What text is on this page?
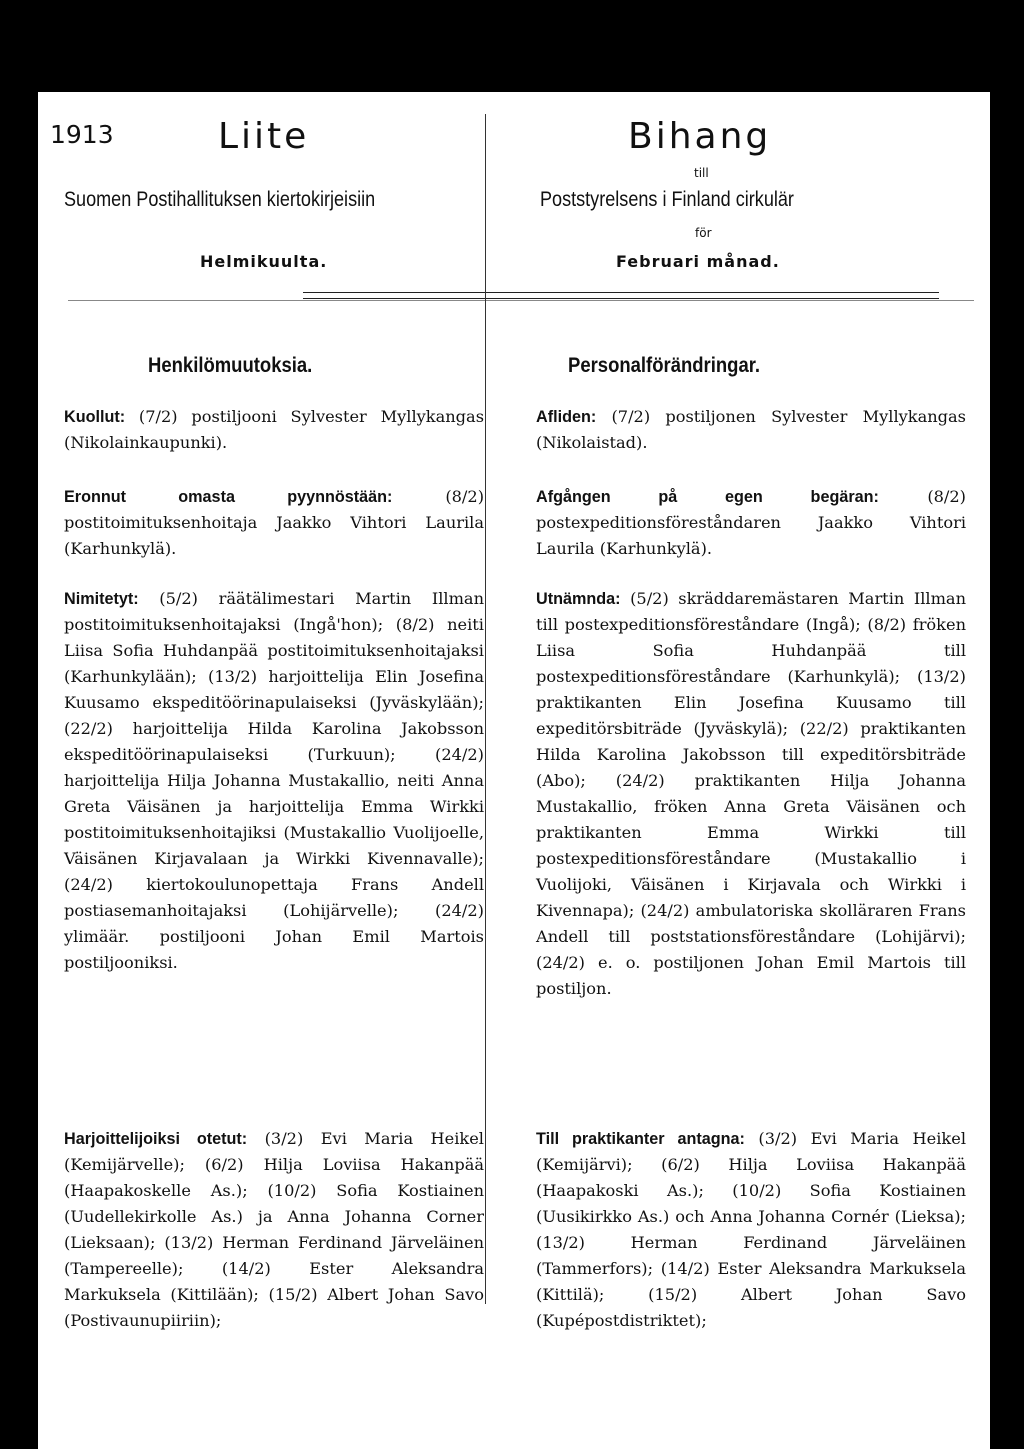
1913	Liite
Suomen Postihallituksen kiertokirjeisiin
Helmikuulta.
Bihang
till
Poststyrelsens i Finland cirkulär
för
Februari månad.
Henkilömuutoksia.
Kuollut: (7/2) postiljooni Sylvester Myllykangas (Nikolainkaupunki).
Eronnut omasta pyynnöstään: (8/2) postitoimituksenhoitaja Jaakko Vihtori Laurila (Karhunkylä).
Nimitetyt: (5/2) räätälimestari Martin Illman postitoimituksenhoitajaksi (Ingå'hon); (8/2) neiti Liisa Sofia Huhdanpää postitoimituksenhoitajaksi (Karhunkylään); (13/2) harjoittelija Elin Josefina Kuusamo ekspeditöörinapulaiseksi (Jyväskylään); (22/2) harjoittelija Hilda Karolina Jakobsson ekspeditöörinapulaiseksi (Turkuun); (24/2) harjoittelija Hilja Johanna Mustakallio, neiti Anna Greta Väisänen ja harjoittelija Emma Wirkki postitoimituksenhoitajiksi (Mustakallio Vuolijoelle, Väisänen Kirjavalaan ja Wirkki Kivennavalle); (24/2) kiertokoulunopettaja Frans Andell postiasemanhoitajaksi (Lohijärvelle); (24/2) ylimäär. postiljooni Johan Emil Martois postiljooniksi.
Harjoittelijoiksi otetut: (3/2) Evi Maria Heikel (Kemijärvelle); (6/2) Hilja Loviisa Hakanpää (Haapakoskelle As.); (10/2) Sofia Kostiainen (Uudellekirkolle As.) ja Anna Johanna Corner (Lieksaan); (13/2) Herman Ferdinand Järveläinen (Tampereelle); (14/2) Ester Aleksandra Markuksela (Kittilään); (15/2) Albert Johan Savo (Postivaunupiiriin);
Personalförändringar.
Afliden: (7/2) postiljonen Sylvester Myllykangas (Nikolaistad).
Afgången på egen begäran: (8/2) postexpeditionsföreståndaren Jaakko Vihtori Laurila (Karhunkylä).
Utnämnda: (5/2) skräddaremästaren Martin Illman till postexpeditionsföreståndare (Ingå); (8/2) fröken Liisa Sofia Huhdanpää till postexpeditionsföreståndare (Karhunkylä); (13/2) praktikanten Elin Josefina Kuusamo till expeditörsbiträde (Jyväskylä); (22/2) praktikanten Hilda Karolina Jakobsson till expeditörsbiträde (Abo); (24/2) praktikanten Hilja Johanna Mustakallio, fröken Anna Greta Väisänen och praktikanten Emma Wirkki till postexpeditionsföreståndare (Mustakallio i Vuolijoki, Väisänen i Kirjavala och Wirkki i Kivennapa); (24/2) ambulatoriska skolläraren Frans Andell till poststationsföreståndare (Lohijärvi); (24/2) e. o. postiljonen Johan Emil Martois till postiljon.
Till praktikanter antagna: (3/2) Evi Maria Heikel (Kemijärvi); (6/2) Hilja Loviisa Hakanpää (Haapakoski As.); (10/2) Sofia Kostiainen (Uusikirkko As.) och Anna Johanna Cornér (Lieksa); (13/2) Herman Ferdinand Järveläinen (Tammerfors); (14/2) Ester Aleksandra Markuksela (Kittilä); (15/2) Albert Johan Savo (Kupépostdistriktet);
